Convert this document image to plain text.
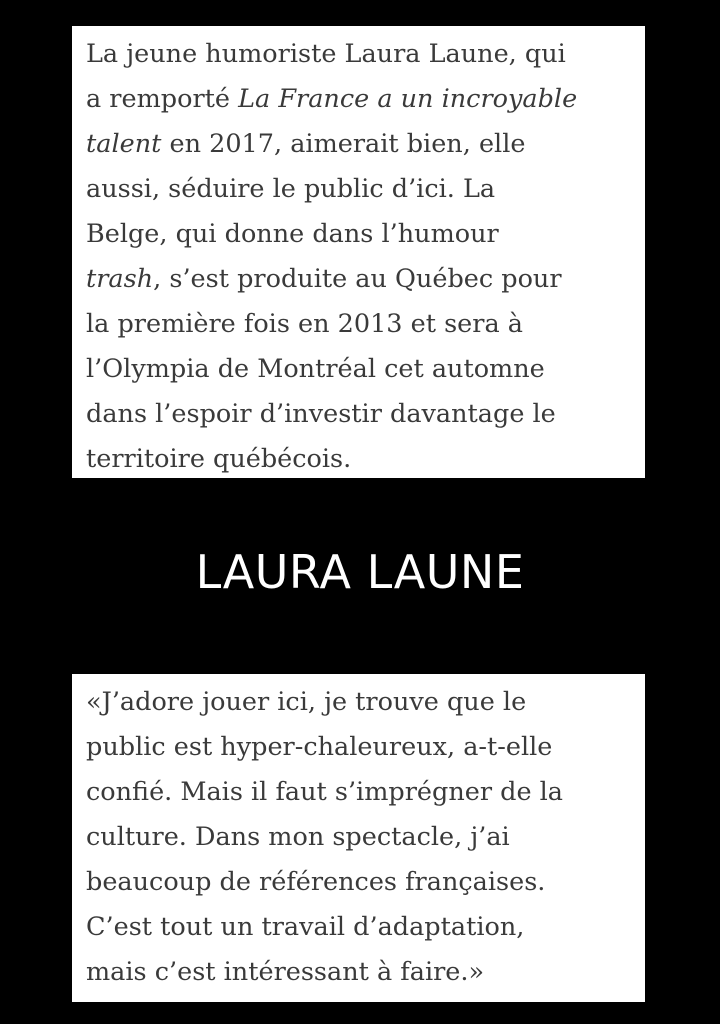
La jeune humoriste Laura Laune, qui
a remporté La France a un incroyable
talent en 2017, aimerait bien, elle
aussi, séduire le public d’ici. La
Belge, qui donne dans l’humour
trash, s’est produite au Québec pour
la première fois en 2013 et sera à
l’Olympia de Montréal cet automne
dans l’espoir d’investir davantage le
territoire québécois.
LAURA LAUNE
«J’adore jouer ici, je trouve que le
public est hyper-chaleureux, a-t-elle
confié. Mais il faut s’imprégner de la
culture. Dans mon spectacle, j’ai
beaucoup de références françaises.
C’est tout un travail d’adaptation,
mais c’est intéressant à faire.»
